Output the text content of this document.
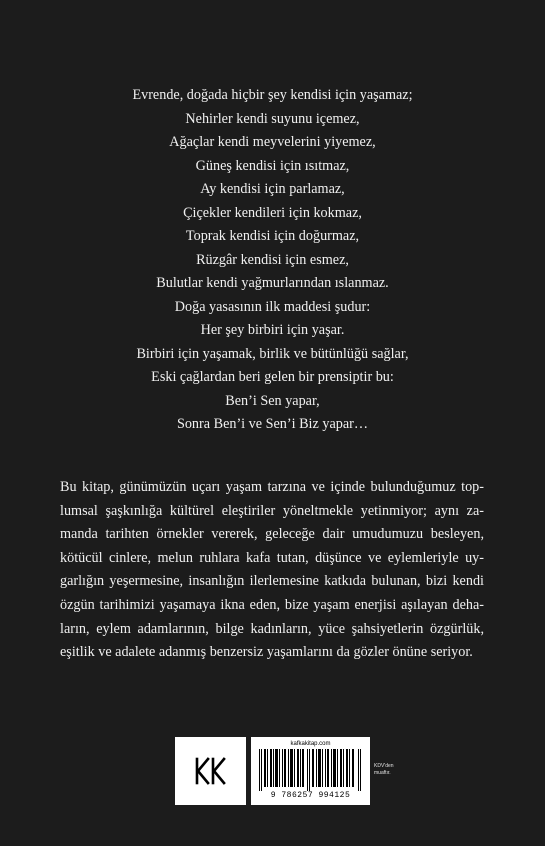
Evrende, doğada hiçbir şey kendisi için yaşamaz;
Nehirler kendi suyunu içemez,
Ağaçlar kendi meyvelerini yiyemez,
Güneş kendisi için ısıtmaz,
Ay kendisi için parlamaz,
Çiçekler kendileri için kokmaz,
Toprak kendisi için doğurmaz,
Rüzgâr kendisi için esmez,
Bulutlar kendi yağmurlarından ıslanmaz.
Doğa yasasının ilk maddesi şudur:
Her şey birbiri için yaşar.
Birbiri için yaşamak, birlik ve bütünlüğü sağlar,
Eski çağlardan beri gelen bir prensiptir bu:
Ben’i Sen yapar,
Sonra Ben’i ve Sen’i Biz yapar…
Bu kitap, günümüzün uçarı yaşam tarzına ve içinde bulunduğumuz top-
lumsal şaşkınlığa kültürel eleştiriler yöneltmekle yetinmiyor; aynı za-
manda tarihten örnekler vererek, geleceğe dair umudumuzu besleyen,
kötücül cinlere, melun ruhlara kafa tutan, düşünce ve eylemleriyle uy-
garlığın yeşermesine, insanlığın ilerlemesine katkıda bulunan, bizi kendi
özgün tarihimizi yaşamaya ikna eden, bize yaşam enerjisi aşılayan deha-
ların, eylem adamlarının, bilge kadınların, yüce şahsiyetlerin özgürlük,
eşitlik ve adalete adanmış benzersiz yaşamlarını da gözler önüne seriyor.
kafkakitap.com
9 786257 994125
KDV'den
muaftır.
